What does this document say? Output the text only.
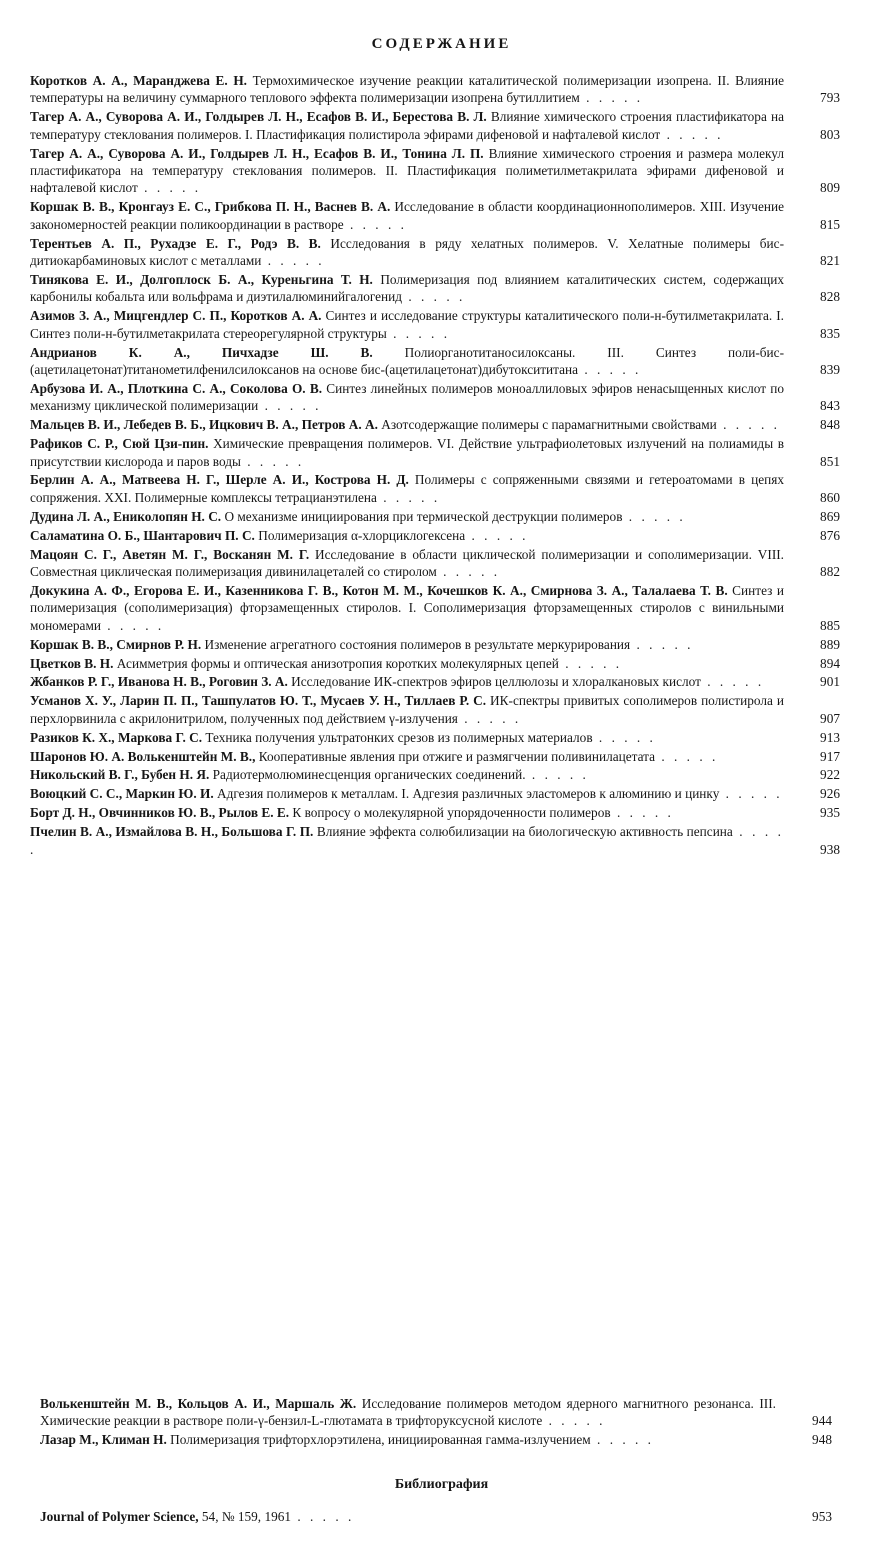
СОДЕРЖАНИЕ
Коротков А. А., Маранджева Е. Н. Термохимическое изучение реакции каталитической полимеризации изопрена. II. Влияние температуры на величину суммарного теплового эффекта полимеризации изопрена бутиллитием . . . . .	793
Тагер А. А., Суворова А. И., Голдырев Л. Н., Есафов В. И., Берестова В. Л. Влияние химического строения пластификатора на температуру стеклования полимеров. I. Пластификация полистирола эфирами дифеновой и нафталевой кислот . . . . .	803
Тагер А. А., Суворова А. И., Голдырев Л. Н., Есафов В. И., Тонина Л. П. Влияние химического строения и размера молекул пластификатора на температуру стеклования полимеров. II. Пластификация полиметилметакрилата эфирами дифеновой и нафталевой кислот . . . . .	809
Коршак В. В., Кронгауз Е. С., Грибкова П. Н., Васнев В. А. Исследование в области координационнополимеров. XIII. Изучение закономерностей реакции поликоординации в растворе . . . . .	815
Терентьев А. П., Рухадзе Е. Г., Родэ В. В. Исследования в ряду хелатных полимеров. V. Хелатные полимеры бис-дитиокарбаминовых кислот с металлами . . . . .	821
Тинякова Е. И., Долгоплоск Б. А., Куреньгина Т. Н. Полимеризация под влиянием каталитических систем, содержащих карбонилы кобальта или вольфрама и диэтилалюминийгалогенид . . . . .	828
Азимов З. А., Мицгендлер С. П., Коротков А. А. Синтез и исследование структуры каталитического поли-н-бутилметакрилата. I. Синтез поли-н-бутилметакрилата стереорегулярной структуры . . . . .	835
Андрианов К. А., Пичхадзе Ш. В. Полиорганотитаносилоксаны. III. Синтез поли-бис-(ацетилацетонат)титанометилфенилсилоксанов на основе бис-(ацетилацетонат)дибутоксититана . . . . .	839
Арбузова И. А., Плоткина С. А., Соколова О. В. Синтез линейных полимеров моноаллиловых эфиров ненасыщенных кислот по механизму циклической полимеризации . . . . .	843
Мальцев В. И., Лебедев В. Б., Ицкович В. А., Петров А. А. Азотсодержащие полимеры с парамагнитными свойствами . . . . .	848
Рафиков С. Р., Сюй Цзи-пин. Химические превращения полимеров. VI. Действие ультрафиолетовых излучений на полиамиды в присутствии кислорода и паров воды . . . . .	851
Берлин А. А., Матвеева Н. Г., Шерле А. И., Кострова Н. Д. Полимеры с сопряженными связями и гетероатомами в цепях сопряжения. XXI. Полимерные комплексы тетрацианэтилена . . . . .	860
Дудина Л. А., Ениколопян Н. С. О механизме инициирования при термической деструкции полимеров . . . . .	869
Саламатина О. Б., Шантарович П. С. Полимеризация α-хлорциклогексена . . . . .	876
Мацоян С. Г., Аветян М. Г., Восканян М. Г. Исследование в области циклической полимеризации и сополимеризации. VIII. Совместная циклическая полимеризация дивинилацеталей со стиролом . . . . .	882
Докукина А. Ф., Егорова Е. И., Казенникова Г. В., Котон М. М., Кочешков К. А., Смирнова З. А., Талалаева Т. В. Синтез и полимеризация (сополимеризация) фторзамещенных стиролов. I. Сополимеризация фторзамещенных стиролов с винильными мономерами . . . . .	885
Коршак В. В., Смирнов Р. Н. Изменение агрегатного состояния полимеров в результате меркурирования . . . . .	889
Цветков В. Н. Асимметрия формы и оптическая анизотропия коротких молекулярных цепей . . . . .	894
Жбанков Р. Г., Иванова Н. В., Роговин З. А. Исследование ИК-спектров эфиров целлюлозы и хлоралкановых кислот . . . . .	901
Усманов Х. У., Ларин П. П., Ташпулатов Ю. Т., Мусаев У. Н., Тиллаев Р. С. ИК-спектры привитых сополимеров полистирола и перхлорвинила с акрилонитрилом, полученных под действием γ-излучения . . . . .	907
Разиков К. Х., Маркова Г. С. Техника получения ультратонких срезов из полимерных материалов . . . . .	913
Шаронов Ю. А. Волькенштейн М. В., Кооперативные явления при отжиге и размягчении поливинилацетата . . . . .	917
Никольский В. Г., Бубен Н. Я. Радиотермолюминесценция органических соединений. . . . . .	922
Воюцкий С. С., Маркин Ю. И. Адгезия полимеров к металлам. I. Адгезия различных эластомеров к алюминию и цинку . . . . .	926
Борт Д. Н., Овчинников Ю. В., Рылов Е. Е. К вопросу о молекулярной упорядоченности полимеров . . . . .	935
Пчелин В. А., Измайлова В. Н., Большова Г. П. Влияние эффекта солюбилизации на биологическую активность пепсина . . . . .	938
Волькенштейн М. В., Кольцов А. И., Маршаль Ж. Исследование полимеров методом ядерного магнитного резонанса. III. Химические реакции в растворе поли-γ-бензил-L-глютамата в трифторуксусной кислоте . . . . .	944
Лазар М., Климан Н. Полимеризация трифторхлорэтилена, инициированная гамма-излучением . . . . .	948
Библиография
Journal of Polymer Science, 54, № 159, 1961 . . . . .	953
